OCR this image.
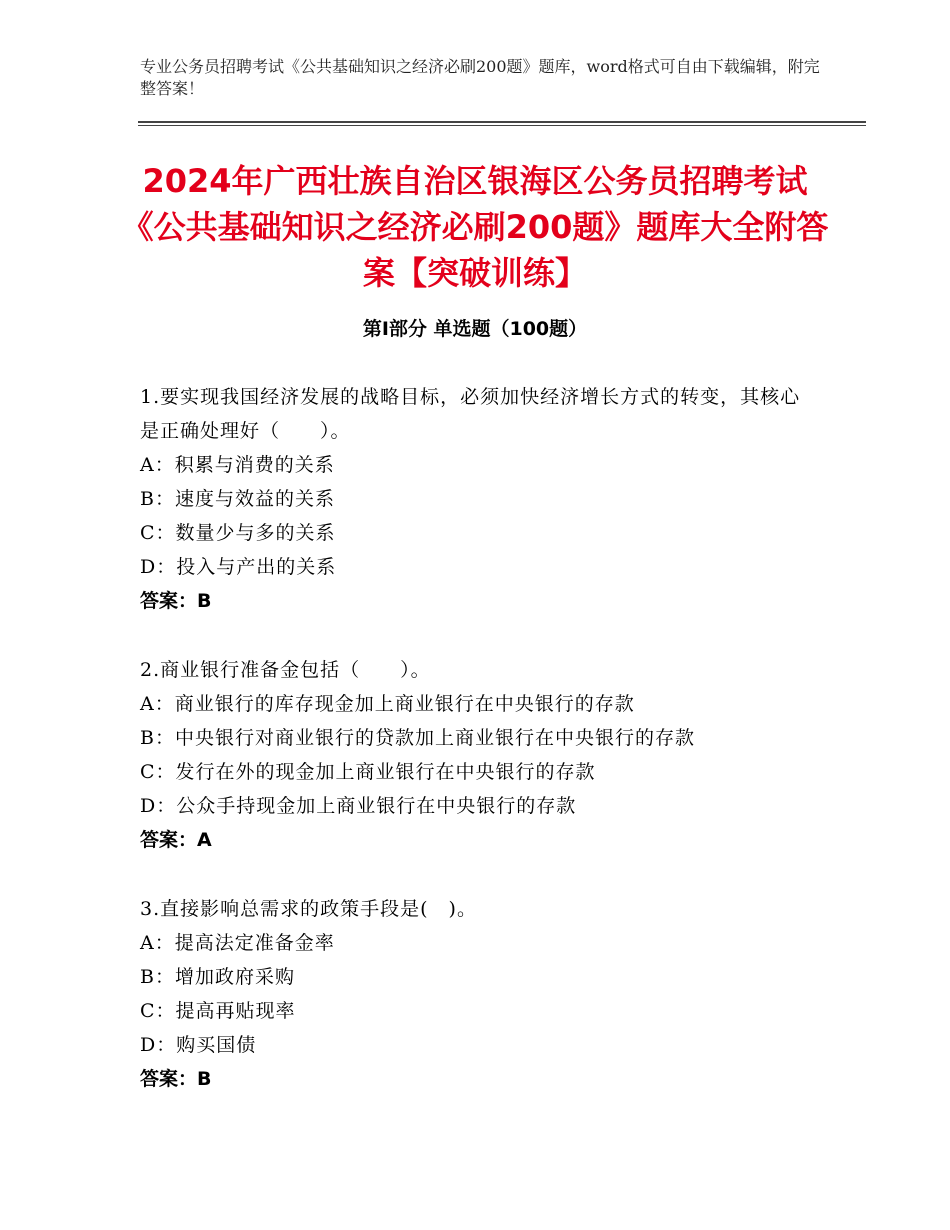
专业公务员招聘考试《公共基础知识之经济必刷200题》题库，word格式可自由下载编辑，附完整答案！
2024年广西壮族自治区银海区公务员招聘考试《公共基础知识之经济必刷200题》题库大全附答案【突破训练】
第Ⅰ部分 单选题（100题）

1.要实现我国经济发展的战略目标，必须加快经济增长方式的转变，其核心是正确处理好（　　）。

A：积累与消费的关系

B：速度与效益的关系

C：数量少与多的关系

D：投入与产出的关系

答案：B

2.商业银行准备金包括（　　）。

A：商业银行的库存现金加上商业银行在中央银行的存款

B：中央银行对商业银行的贷款加上商业银行在中央银行的存款

C：发行在外的现金加上商业银行在中央银行的存款

D：公众手持现金加上商业银行在中央银行的存款

答案：A

3.直接影响总需求的政策手段是(　)。

A：提高法定准备金率

B：增加政府采购

C：提高再贴现率

D：购买国债

答案：B
